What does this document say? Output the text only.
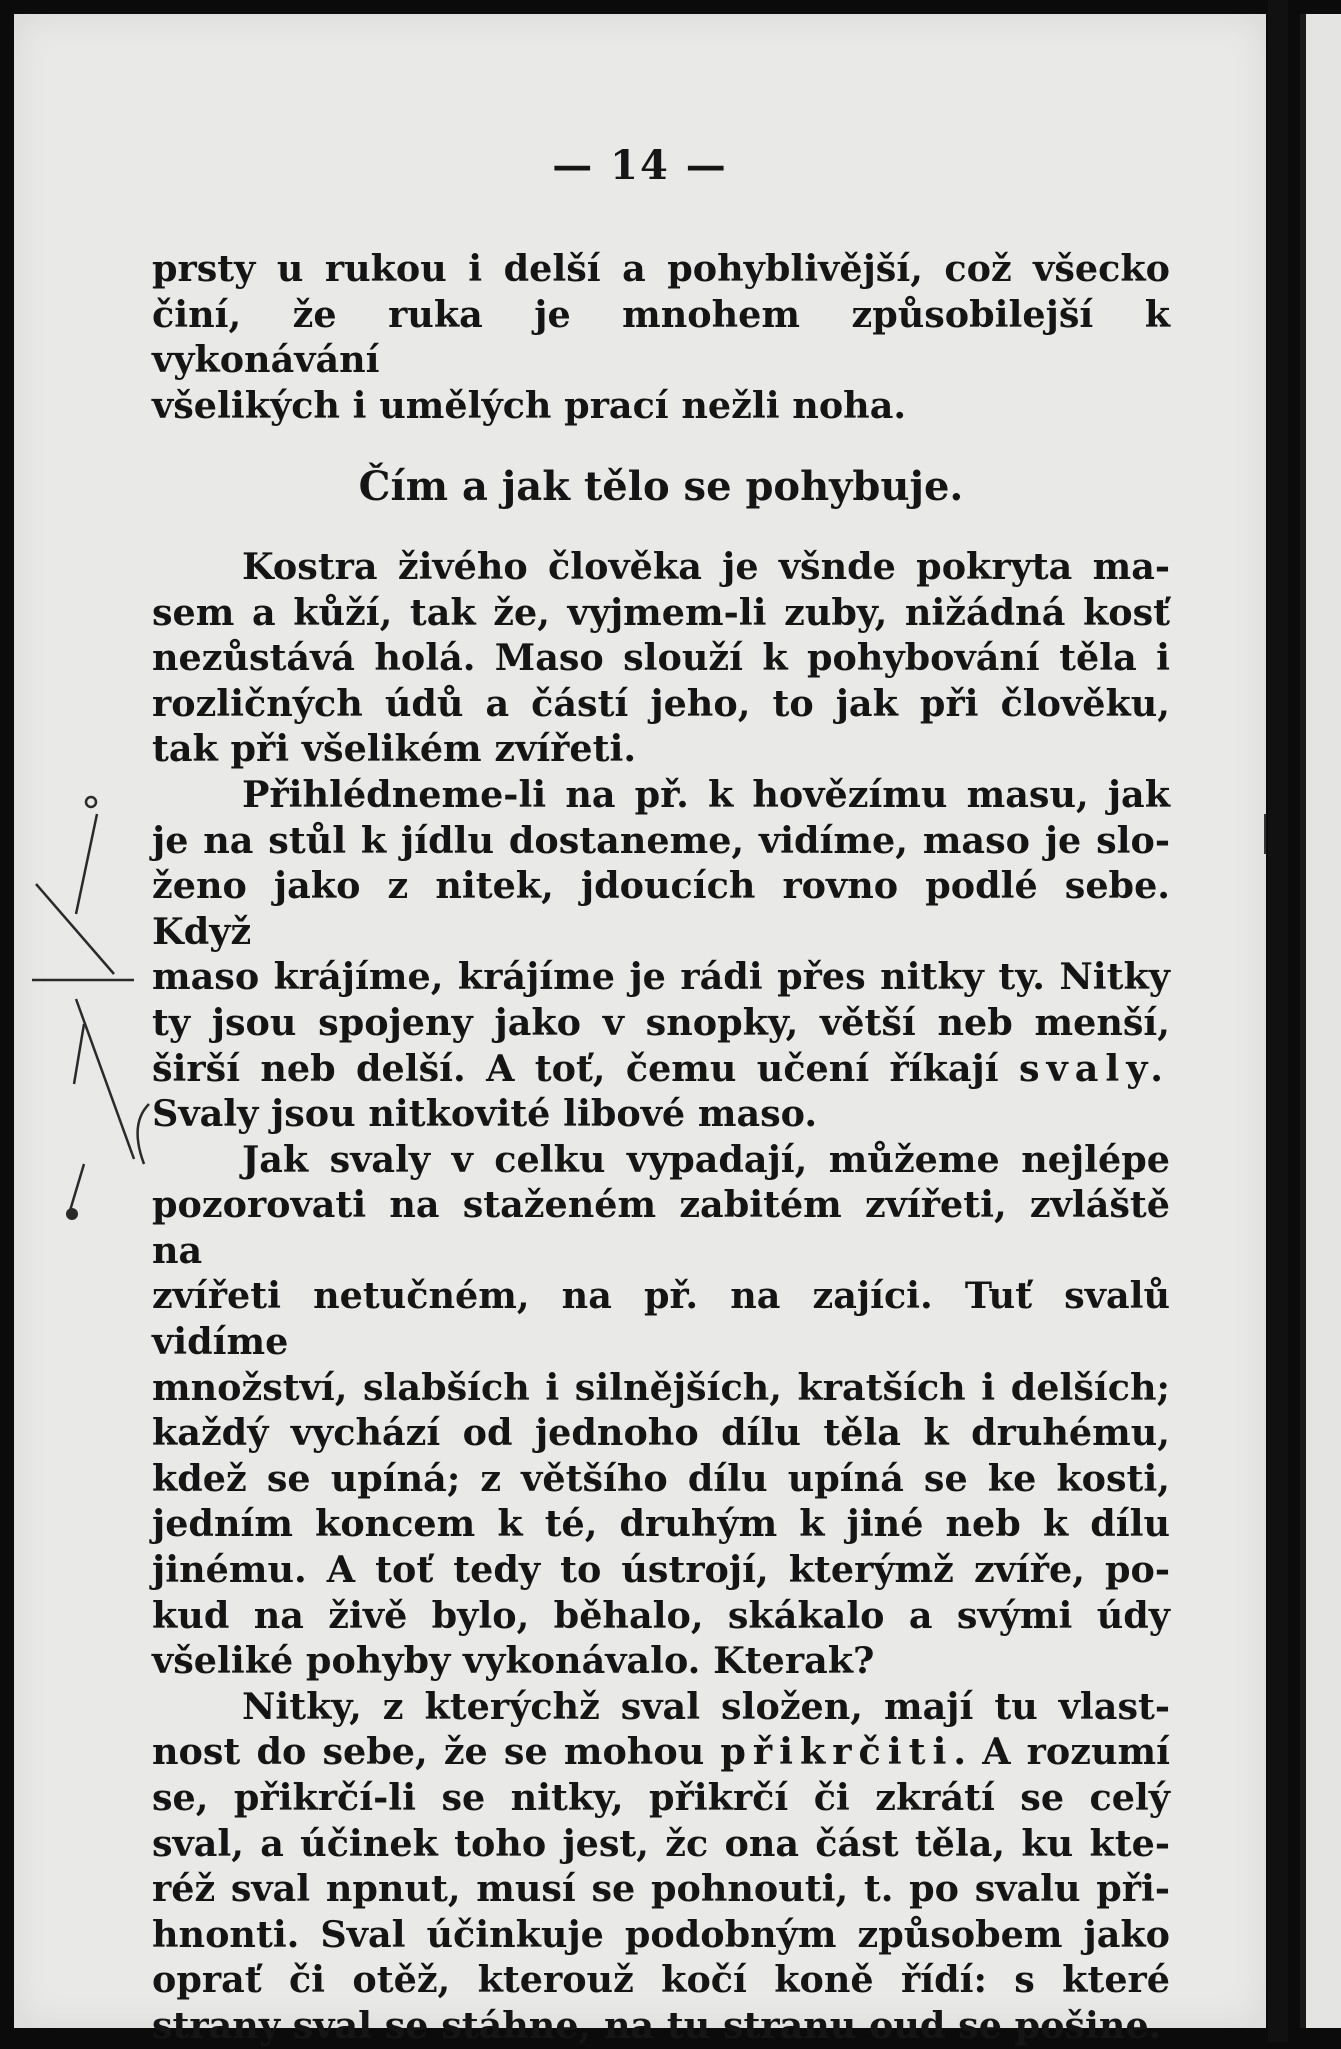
— 14 —

prsty u rukou i delší a pohyblivější, což všecko

činí, že ruka je mnohem způsobilejší k vykonávání

všelikých i umělých prací nežli noha.

Čím a jak tělo se pohybuje.

Kostra živého člověka je všnde pokryta ma-

sem a kůží, tak že, vyjmem-li zuby, nižádná kosť

nezůstává holá. Maso slouží k pohybování těla i

rozličných údů a částí jeho, to jak při člověku,

tak při všelikém zvířeti.

Přihlédneme-li na př. k hovězímu masu, jak

je na stůl k jídlu dostaneme, vidíme, maso je slo-

ženo jako z nitek, jdoucích rovno podlé sebe. Když

maso krájíme, krájíme je rádi přes nitky ty. Nitky

ty jsou spojeny jako v snopky, větší neb menší,

širší neb delší. A toť, čemu učení říkají svaly.

Svaly jsou nitkovité libové maso.

Jak svaly v celku vypadají, můžeme nejlépe

pozorovati na staženém zabitém zvířeti, zvláště na

zvířeti netučném, na př. na zajíci. Tuť svalů vidíme

množství, slabších i silnějších, kratších i delších;

každý vychází od jednoho dílu těla k druhému,

kdež se upíná; z většího dílu upíná se ke kosti,

jedním koncem k té, druhým k jiné neb k dílu

jinému. A toť tedy to ústrojí, kterýmž zvíře, po-

kud na živě bylo, běhalo, skákalo a svými údy

všeliké pohyby vykonávalo. Kterak?

Nitky, z kterýchž sval složen, mají tu vlast-

nost do sebe, že se mohou přikrčiti. A rozumí

se, přikrčí-li se nitky, přikrčí či zkrátí se celý

sval, a účinek toho jest, žc ona část těla, ku kte-

réž sval npnut, musí se pohnouti, t. po svalu při-

hnonti. Sval účinkuje podobným způsobem jako

oprať či otěž, kterouž kočí koně řídí: s které

strany sval se stáhne, na tu stranu oud se pošine.
